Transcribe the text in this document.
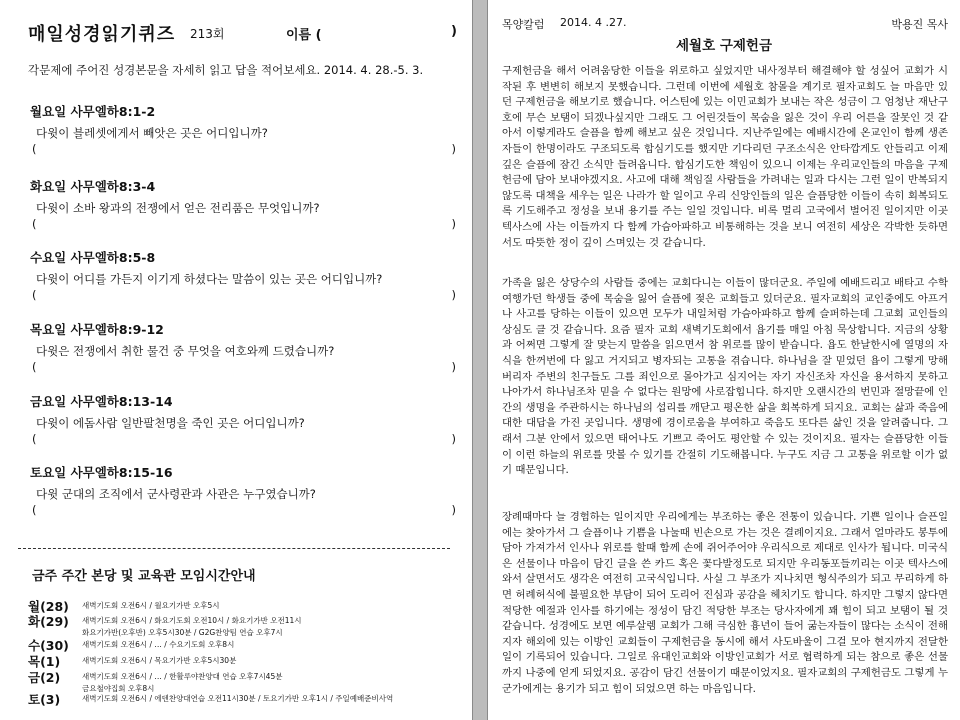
매일성경읽기퀴즈 213회	이름 (	)
각문제에 주어진 성경본문을 자세히 읽고 답을 적어보세요. 2014. 4. 28.-5. 3.
월요일 사무엘하8:1-2
다윗이 블레셋에게서 빼앗은 곳은 어디입니까?
(	)
화요일 사무엘하8:3-4
다윗이 소바 왕과의 전쟁에서 얻은 전리품은 무엇입니까?
(	)
수요일 사무엘하8:5-8
다윗이 어디를 가든지 이기게 하셨다는 말씀이 있는 곳은 어디입니까?
(	)
목요일 사무엘하8:9-12
다윗은 전쟁에서 취한 물건 중 무엇을 여호와께 드렸습니까?
(	)
금요일 사무엘하8:13-14
다윗이 에돔사람 일반팔천명을 죽인 곳은 어디입니까?
(	)
토요일 사무엘하8:15-16
다윗 군대의 조직에서 군사령관과 사관은 누구였습니까?
(	)
금주 주간 본당 및 교육관 모임시간안내
월(28) 새벽기도회 오전6시 / 월요기가반 오후5시
화(29) 새벽기도회 오전6시 / 화요기도회 오전10시 / 화요기가반 오전11시
화요기가반(오후반) 오후5시30분 / G2G찬양팀 연습 오후7시
수(30) 새벽기도회 오전6시 / … / 수요기도회 오후8시
목(1)	새벽기도회 오전6시 / 목요기가반 오후5시30분
금(2)	새벽기도회 오전6시 / … / 한활루야찬양대 연습 오후7시45분
금요철야집회 오후8시
토(3)	새벽기도회 오전6시 / 에덴찬양대연습 오전11시30분 / 토요기가반 오후1시 / 주일예배준비사역
목양칼럼 2014. 4 .27.	박용진 목사
세월호 구제헌금

구제헌금을 해서 어려움당한 이들을 위로하고 싶었지만 내사정부터 해결해야 할 성싶어 교회가 시작된 후 변변히 해보지 못했습니다. 그런데 이번에 세월호 참몰을 계기로 필자교회도 늘 마음만 있던 구제헌금을 해보기로 했습니다. 어스틴에 있는 이민교회가 보내는 작은 성금이 그 엄청난 재난구호에 무슨 보탬이 되겠나싶지만 그래도 그 어린것들이 목숨을 잃은 것이 우리 어른을 잘못인 것 같아서 이렇게라도 슬픔을 함께 해보고 싶은 것입니다. 지난주일에는 예배시간에 온교인이 함께 생존자들이 한명이라도 구조되도록 합심기도를 했지만 기다리던 구조소식은 안타깝게도 안들리고 이제 깊은 슬픔에 잠긴 소식만 들려옵니다. 합심기도한 책임이 있으니 이제는 우리교인들의 마음을 구제헌금에 담아 보내야겠지요. 사고에 대해 책임질 사람들을 가려내는 일과 다시는 그런 일이 반복되지 않도록 대책을 세우는 일은 나라가 할 일이고 우리 신앙인들의 일은 슬픔당한 이들이 속히 회복되도록 기도해주고 정성을 보내 용기를 주는 일일 것입니다. 비록 멀리 고국에서 벌어진 일이지만 이곳 텍사스에 사는 이들까지 다 함께 가슴아파하고 비통해하는 것을 보니 여전히 세상은 각박한 듯하면서도 따뜻한 정이 깊이 스며있는 것 같습니다.

가족을 잃은 상당수의 사람들 중에는 교회다니는 이들이 많더군요. 주일에 예배드리고 배타고 수학여행가던 학생들 중에 목숨을 잃어 슬픔에 젖은 교회들고 있더군요. 필자교회의 교인중에도 아프거나 사고를 당하는 이들이 있으면 모두가 내일처럼 가슴아파하고 함께 슬퍼하는데 그교회 교인들의 상심도 클 것 같습니다. 요즘 필자 교회 새벽기도회에서 욥기를 매일 아침 묵상합니다. 지금의 상황과 어쩌면 그렇게 잘 맞는지 말씀을 읽으면서 참 위로를 많이 받습니다. 욥도 한날한시에 열명의 자식을 한꺼번에 다 잃고 거지되고 병자되는 고통을 겪습니다. 하나님을 잘 믿었던 욥이 그렇게 망해버리자 주변의 친구들도 그를 죄인으로 몰아가고 심지어는 자기 자신조차 자신을 용서하지 못하고 나아가서 하나님조차 믿을 수 없다는 원망에 사로잡힙니다. 하지만 오랜시간의 번민과 절망끝에 인간의 생명을 주관하시는 하나님의 섭리를 깨닫고 평온한 삶을 회복하게 되지요. 교회는 삶과 죽음에 대한 대답을 가진 곳입니다. 생명에 경이로움을 부여하고 죽음도 또다른 삶인 것을 알려줍니다. 그래서 그분 안에서 있으면 태어나도 기쁘고 죽어도 평안할 수 있는 것이지요. 필자는 슬픔당한 이들이 이런 하늘의 위로를 맛볼 수 있기를 간절히 기도해봅니다. 누구도 지금 그 고통을 위로할 이가 없기 때문입니다.

장례때마다 늘 경험하는 일이지만 우리에게는 부조하는 좋은 전통이 있습니다. 기쁜 일이나 슬픈일에는 찾아가서 그 슬픔이나 기쁨을 나눌때 빈손으로 가는 것은 결례이지요. 그래서 얼마라도 봉투에 담아 가져가서 인사나 위로를 할때 함께 손에 쥐어주어야 우리식으로 제대로 인사가 됩니다. 미국식은 선물이나 마음이 담긴 글을 쓴 카드 혹은 꽃다발정도로 되지만 우리동포들끼리는 이곳 텍사스에 와서 살면서도 생각은 여전히 고국식입니다. 사실 그 부조가 지나치면 형식주의가 되고 무리하게 하면 허례허식에 불필요한 부담이 되어 도리어 진심과 공감을 헤치기도 합니다. 하지만 그렇지 않다면 적당한 예절과 인사를 하기에는 정성이 담긴 적당한 부조는 당사자에게 꽤 힘이 되고 보탬이 될 것 같습니다. 성경에도 보면 예루살렘 교회가 그해 극심한 흉년이 들어 굶는자들이 많다는 소식이 전해지자 해외에 있는 이방인 교회들이 구제헌금을 동시에 해서 사도바울이 그걸 모아 현지까지 전달한 일이 기록되어 있습니다. 그일로 유대인교회와 이방인교회가 서로 협력하게 되는 참으로 좋은 선물까지 나중에 얻게 되었지요. 공감이 담긴 선물이기 때문이었지요. 필자교회의 구제헌금도 그렇게 누군가에게는 용기가 되고 힘이 되었으면 하는 마음입니다.
